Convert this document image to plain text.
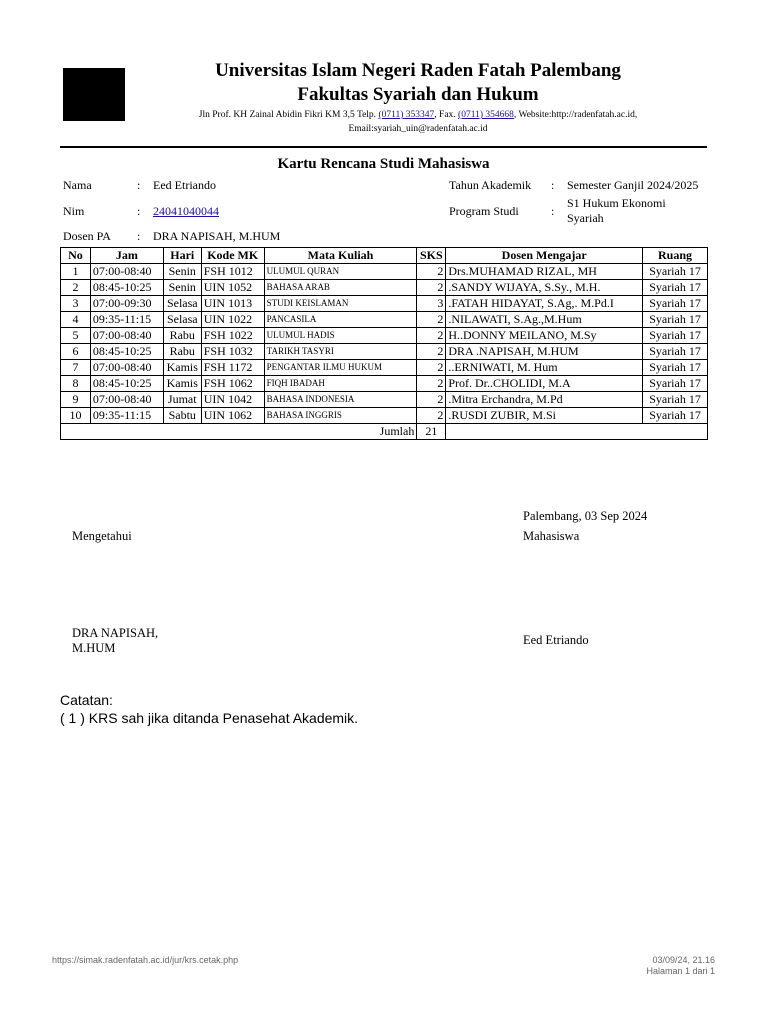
Universitas Islam Negeri Raden Fatah Palembang
Fakultas Syariah dan Hukum
Jln Prof. KH Zainal Abidin Fikri KM 3,5 Telp. (0711) 353347, Fax. (0711) 354668, Website:http://radenfatah.ac.id,
Email:syariah_uin@radenfatah.ac.id
Kartu Rencana Studi Mahasiswa
Nama	: Eed Etriando
Nim	: 24041040044
Dosen PA : DRA NAPISAH, M.HUM
Tahun Akademik : Semester Ganjil 2024/2025
Program Studi	:
S1 Hukum Ekonomi
Syariah
No	Jam	Hari	Kode MK	Mata Kuliah	SKS	Dosen Mengajar	Ruang
1	07:00-08:40	Senin	FSH 1012	ULUMUL QURAN	2	Drs.MUHAMAD RIZAL, MH	Syariah 17
2	08:45-10:25	Senin	UIN 1052	BAHASA ARAB	2	.SANDY WIJAYA, S.Sy., M.H.	Syariah 17
3	07:00-09:30	Selasa	UIN 1013	STUDI KEISLAMAN	3	.FATAH HIDAYAT, S.Ag,. M.Pd.I	Syariah 17
4	09:35-11:15	Selasa	UIN 1022	PANCASILA	2	.NILAWATI, S.Ag.,M.Hum	Syariah 17
5	07:00-08:40	Rabu	FSH 1022	ULUMUL HADIS	2	H..DONNY MEILANO, M.Sy	Syariah 17
6	08:45-10:25	Rabu	FSH 1032	TARIKH TASYRI	2	DRA .NAPISAH, M.HUM	Syariah 17
7	07:00-08:40	Kamis	FSH 1172	PENGANTAR ILMU HUKUM	2	..ERNIWATI, M. Hum	Syariah 17
8	08:45-10:25	Kamis	FSH 1062	FIQH IBADAH	2	Prof. Dr..CHOLIDI, M.A	Syariah 17
9	07:00-08:40	Jumat	UIN 1042	BAHASA INDONESIA	2	.Mitra Erchandra, M.Pd	Syariah 17
10	09:35-11:15	Sabtu	UIN 1062	BAHASA INGGRIS	2	.RUSDI ZUBIR, M.Si	Syariah 17
Jumlah					21		
Palembang, 03 Sep 2024
Mengetahui	Mahasiswa
DRA NAPISAH,
M.HUM
Eed Etriando
Catatan:
( 1 ) KRS sah jika ditanda Penasehat Akademik.
https://simak.radenfatah.ac.id/jur/krs.cetak.php	03/09/24, 21.16
Halaman 1 dari 1
